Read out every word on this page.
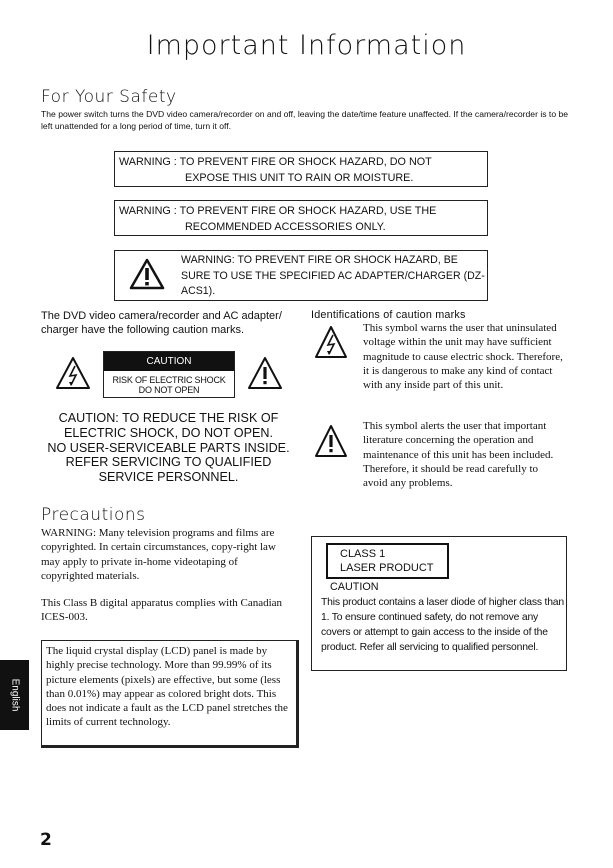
Important Information
For Your Safety
The power switch turns the DVD video camera/recorder on and off, leaving the date/time feature unaffected. If the camera/recorder is to be left unattended for a long period of time, turn it off.
WARNING : TO PREVENT FIRE OR SHOCK HAZARD, DO NOT
EXPOSE THIS UNIT TO RAIN OR MOISTURE.
WARNING : TO PREVENT FIRE OR SHOCK HAZARD, USE THE
RECOMMENDED ACCESSORIES ONLY.
WARNING: TO PREVENT FIRE OR SHOCK HAZARD, BE SURE TO USE THE SPECIFIED AC ADAPTER/CHARGER (DZ-ACS1).
The DVD video camera/recorder and AC adapter/ charger have the following caution marks.
CAUTION
RISK OF ELECTRIC SHOCK
DO NOT OPEN
CAUTION: TO REDUCE THE RISK OF
ELECTRIC SHOCK, DO NOT OPEN.
NO USER-SERVICEABLE PARTS INSIDE.
REFER SERVICING TO QUALIFIED
SERVICE PERSONNEL.
Identifications of caution marks
This symbol warns the user that uninsulated voltage within the unit may have sufficient magnitude to cause electric shock. Therefore, it is dangerous to make any kind of contact with any inside part of this unit.
This symbol alerts the user that important literature concerning the operation and maintenance of this unit has been included. Therefore, it should be read carefully to avoid any problems.
Precautions
WARNING: Many television programs and films are copyrighted. In certain circumstances, copy-right law may apply to private in-home videotaping of copyrighted materials.
This Class B digital apparatus complies with Canadian ICES-003.
The liquid crystal display (LCD) panel is made by highly precise technology. More than 99.99% of its picture elements (pixels) are effective, but some (less than 0.01%) may appear as colored bright dots. This does not indicate a fault as the LCD panel stretches the limits of current technology.
CLASS 1
LASER PRODUCT
CAUTION
This product contains a laser diode of higher class than 1. To ensure continued safety, do not remove any covers or attempt to gain access to the inside of the product. Refer all servicing to qualified personnel.
English
2
